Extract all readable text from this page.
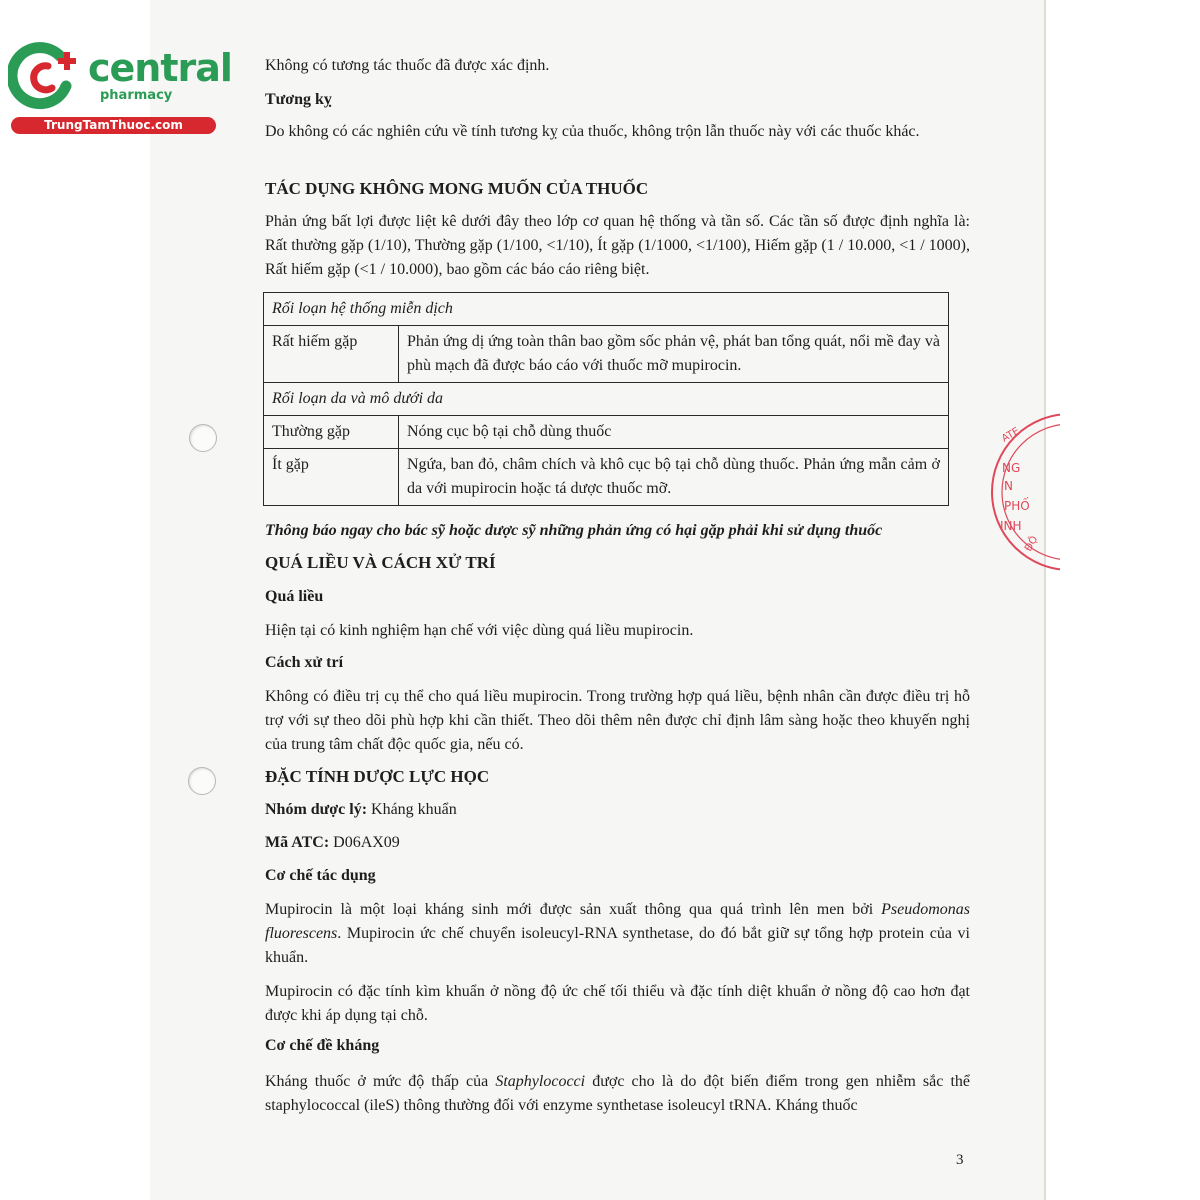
central
pharmacy
TrungTamThuoc.com
ATE
NG
N
PHỐ
INH
ĐỘ

Không có tương tác thuốc đã được xác định.

Tương kỵ

Do không có các nghiên cứu về tính tương kỵ của thuốc, không trộn lẫn thuốc này với các thuốc khác.

TÁC DỤNG KHÔNG MONG MUỐN CỦA THUỐC

Phản ứng bất lợi được liệt kê dưới đây theo lớp cơ quan hệ thống và tần số. Các tần số được định nghĩa là: Rất thường gặp (1/10), Thường gặp (1/100, <1/10), Ít gặp (1/1000, <1/100), Hiếm gặp (1 / 10.000, <1 / 1000), Rất hiếm gặp (<1 / 10.000), bao gồm các báo cáo riêng biệt.

Rối loạn hệ thống miễn dịch	
Rất hiếm gặp	Phản ứng dị ứng toàn thân bao gồm sốc phản vệ, phát ban tổng quát, nổi mề đay và phù mạch đã được báo cáo với thuốc mỡ mupirocin.
Rối loạn da và mô dưới da	
Thường gặp	Nóng cục bộ tại chỗ dùng thuốc
Ít gặp	Ngứa, ban đỏ, châm chích và khô cục bộ tại chỗ dùng thuốc. Phản ứng mẫn cảm ở da với mupirocin hoặc tá dược thuốc mỡ.

Thông báo ngay cho bác sỹ hoặc dược sỹ những phản ứng có hại gặp phải khi sử dụng thuốc

QUÁ LIỀU VÀ CÁCH XỬ TRÍ

Quá liều

Hiện tại có kinh nghiệm hạn chế với việc dùng quá liều mupirocin.

Cách xử trí

Không có điều trị cụ thể cho quá liều mupirocin. Trong trường hợp quá liều, bệnh nhân cần được điều trị hỗ trợ với sự theo dõi phù hợp khi cần thiết. Theo dõi thêm nên được chỉ định lâm sàng hoặc theo khuyến nghị của trung tâm chất độc quốc gia, nếu có.

ĐẶC TÍNH DƯỢC LỰC HỌC

Nhóm dược lý: Kháng khuẩn

Mã ATC: D06AX09

Cơ chế tác dụng

Mupirocin là một loại kháng sinh mới được sản xuất thông qua quá trình lên men bởi Pseudomonas fluorescens. Mupirocin ức chế chuyển isoleucyl-RNA synthetase, do đó bắt giữ sự tổng hợp protein của vi khuẩn.

Mupirocin có đặc tính kìm khuẩn ở nồng độ ức chế tối thiểu và đặc tính diệt khuẩn ở nồng độ cao hơn đạt được khi áp dụng tại chỗ.

Cơ chế đề kháng

Kháng thuốc ở mức độ thấp của Staphylococci được cho là do đột biến điểm trong gen nhiễm sắc thể staphylococcal (ileS) thông thường đối với enzyme synthetase isoleucyl tRNA. Kháng thuốc

3
